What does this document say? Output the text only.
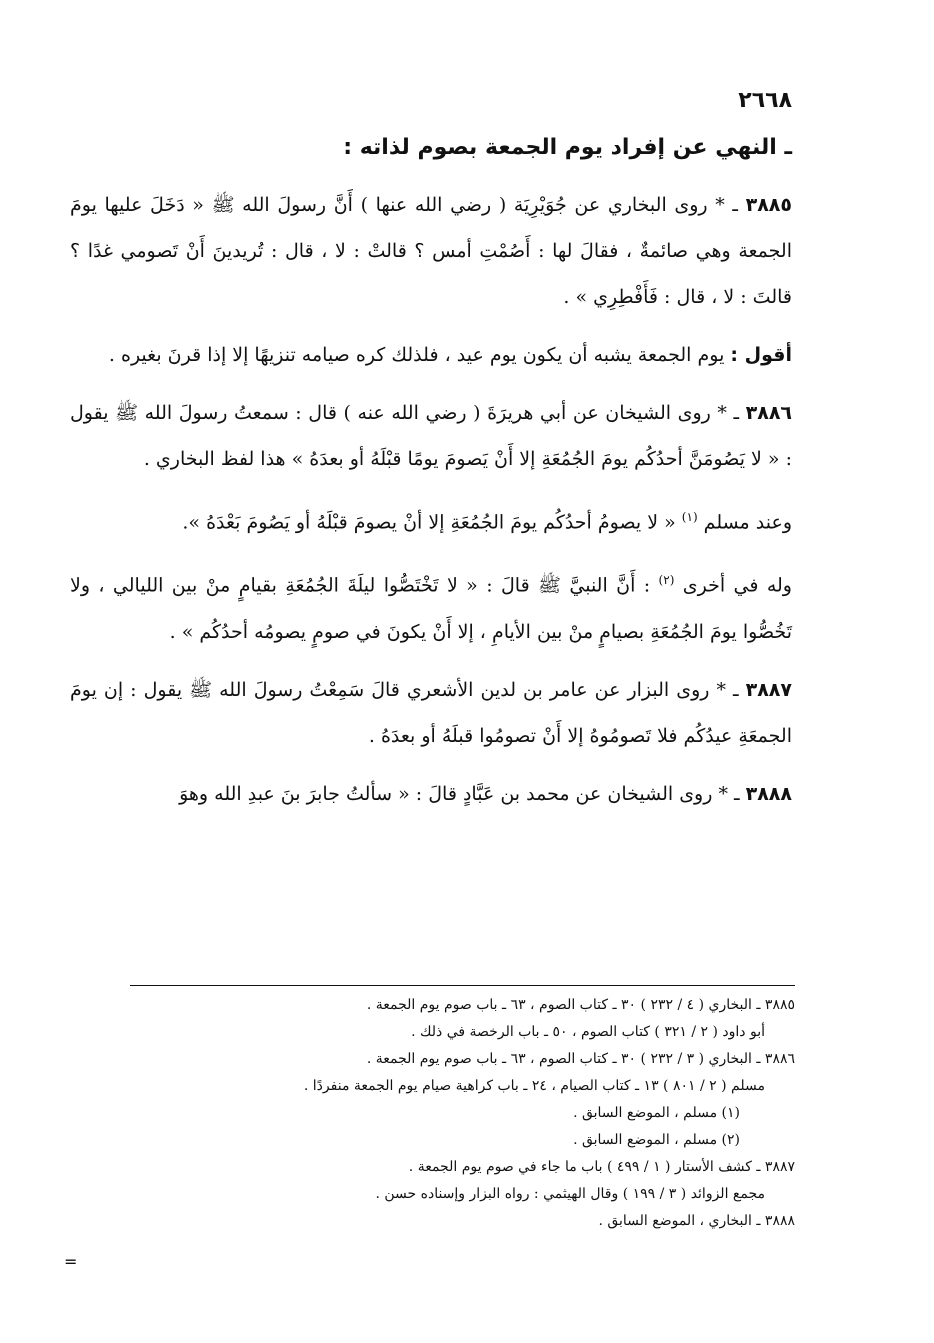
٢٦٦٨
ـ النهي عن إفراد يوم الجمعة بصوم لذاته :

٣٨٨٥ ـ * روى البخاري عن جُوَيْرِيَة ( رضي الله عنها ) أَنَّ رسولَ الله ﷺ « دَخَلَ عليها يومَ الجمعة وهي صائمةٌ ، فقالَ لها : أَصُمْتِ أمس ؟ قالتْ : لا ، قال : تُريدينَ أَنْ تَصومي غدًا ؟ قالتَ : لا ، قال : فَأَفْطِرِي » .

أقول : يوم الجمعة يشبه أن يكون يوم عيد ، فلذلك كره صيامه تنزيهًا إلا إذا قرنَ بغيره .

٣٨٨٦ ـ * روى الشيخان عن أبي هريرَةَ ( رضي الله عنه ) قال : سمعتُ رسولَ الله ﷺ يقول : « لا يَصُومَنَّ أحدُكُم يومَ الجُمُعَةِ إلا أَنْ يَصومَ يومًا قبْلَهُ أو بعدَهُ » هذا لفظ البخاري .

وعند مسلم $^{(١)}$ « لا يصومُ أحدُكُم يومَ الجُمُعَةِ إلا أنْ يصومَ قبْلَهُ أو يَصُومَ بَعْدَهُ ».

وله في أخرى $^{(٢)}$ : أَنَّ النبيَّ ﷺ قالَ : « لا تَخْتَصُّوا ليلَةَ الجُمُعَةِ بقيامٍ منْ بين الليالي ، ولا تَخُصُّوا يومَ الجُمُعَةِ بصيامٍ منْ بين الأيامِ ، إلا أَنْ يكونَ في صومٍ يصومُه أحدُكُم » .

٣٨٨٧ ـ * روى البزار عن عامر بن لدين الأشعري قالَ سَمِعْتُ رسولَ الله ﷺ يقول : إن يومَ الجمعَةِ عيدُكُم فلا تَصومُوهُ إلا أَنْ تصومُوا قبلَهُ أو بعدَهُ .

٣٨٨٨ ـ * روى الشيخان عن محمد بن عَبَّادٍ قالَ : « سألتُ جابرَ بنَ عبدِ الله وهوَ

٣٨٨٥ ـ البخاري ( ٤ / ٢٣٢ ) ٣٠ ـ كتاب الصوم ، ٦٣ ـ باب صوم يوم الجمعة .

أبو داود ( ٢ / ٣٢١ ) كتاب الصوم ، ٥٠ ـ باب الرخصة في ذلك .

٣٨٨٦ ـ البخاري ( ٣ / ٢٣٢ ) ٣٠ ـ كتاب الصوم ، ٦٣ ـ باب صوم يوم الجمعة .

مسلم ( ٢ / ٨٠١ ) ١٣ ـ كتاب الصيام ، ٢٤ ـ باب كراهية صيام يوم الجمعة منفردًا .

(١) مسلم ، الموضع السابق .

(٢) مسلم ، الموضع السابق .

٣٨٨٧ ـ كشف الأستار ( ١ / ٤٩٩ ) باب ما جاء في صوم يوم الجمعة .

مجمع الزوائد ( ٣ / ١٩٩ ) وقال الهيثمي : رواه البزار وإسناده حسن .

٣٨٨٨ ـ البخاري ، الموضع السابق .

=
